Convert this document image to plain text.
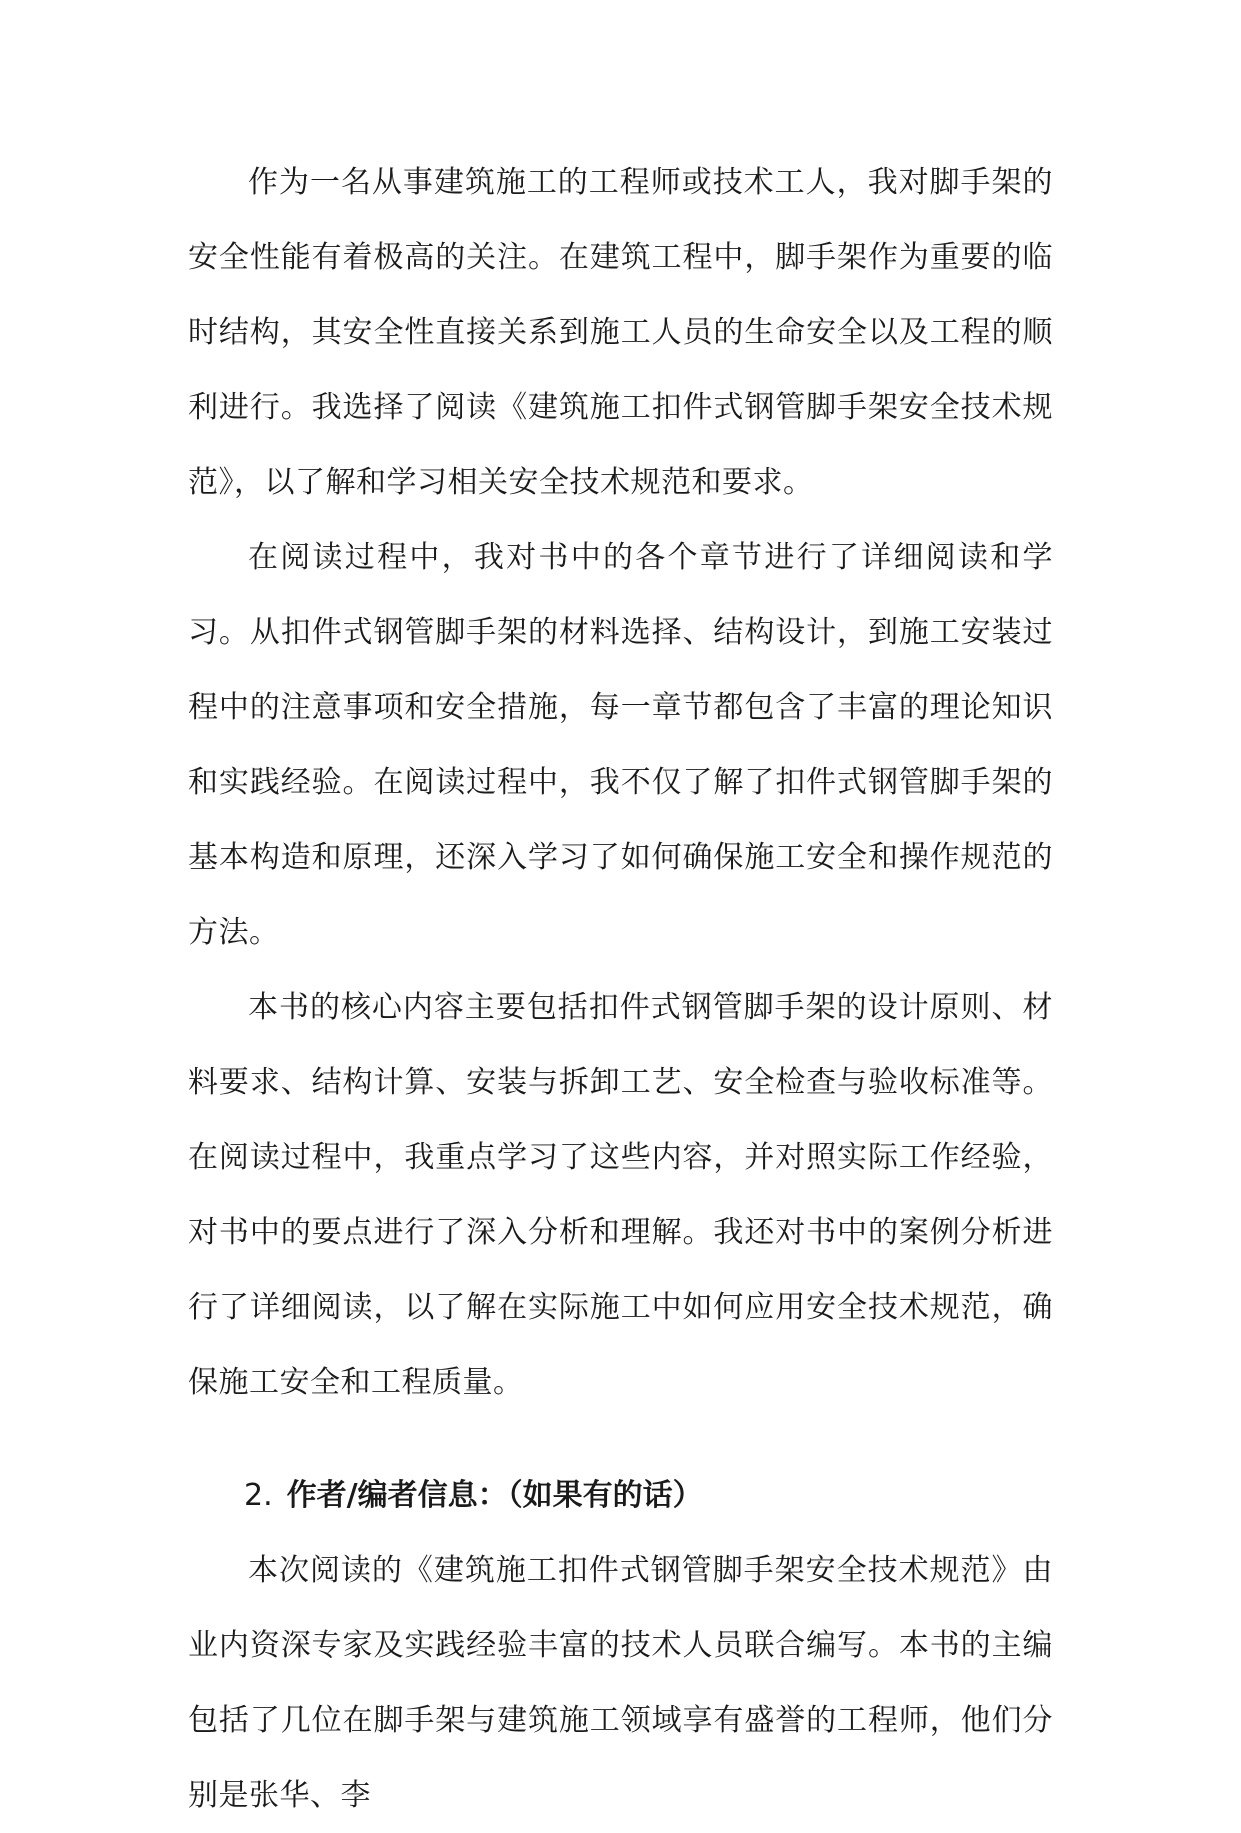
作为一名从事建筑施工的工程师或技术工人，我对脚手架的安全性能有着极高的关注。在建筑工程中，脚手架作为重要的临时结构，其安全性直接关系到施工人员的生命安全以及工程的顺利进行。我选择了阅读《建筑施工扣件式钢管脚手架安全技术规范》，以了解和学习相关安全技术规范和要求。

在阅读过程中，我对书中的各个章节进行了详细阅读和学习。从扣件式钢管脚手架的材料选择、结构设计，到施工安装过程中的注意事项和安全措施，每一章节都包含了丰富的理论知识和实践经验。在阅读过程中，我不仅了解了扣件式钢管脚手架的基本构造和原理，还深入学习了如何确保施工安全和操作规范的方法。

本书的核心内容主要包括扣件式钢管脚手架的设计原则、材料要求、结构计算、安装与拆卸工艺、安全检查与验收标准等。在阅读过程中，我重点学习了这些内容，并对照实际工作经验，对书中的要点进行了深入分析和理解。我还对书中的案例分析进行了详细阅读，以了解在实际施工中如何应用安全技术规范，确保施工安全和工程质量。

2. 作者/编者信息：（如果有的话）

本次阅读的《建筑施工扣件式钢管脚手架安全技术规范》由业内资深专家及实践经验丰富的技术人员联合编写。本书的主编包括了几位在脚手架与建筑施工领域享有盛誉的工程师，他们分别是张华、李
